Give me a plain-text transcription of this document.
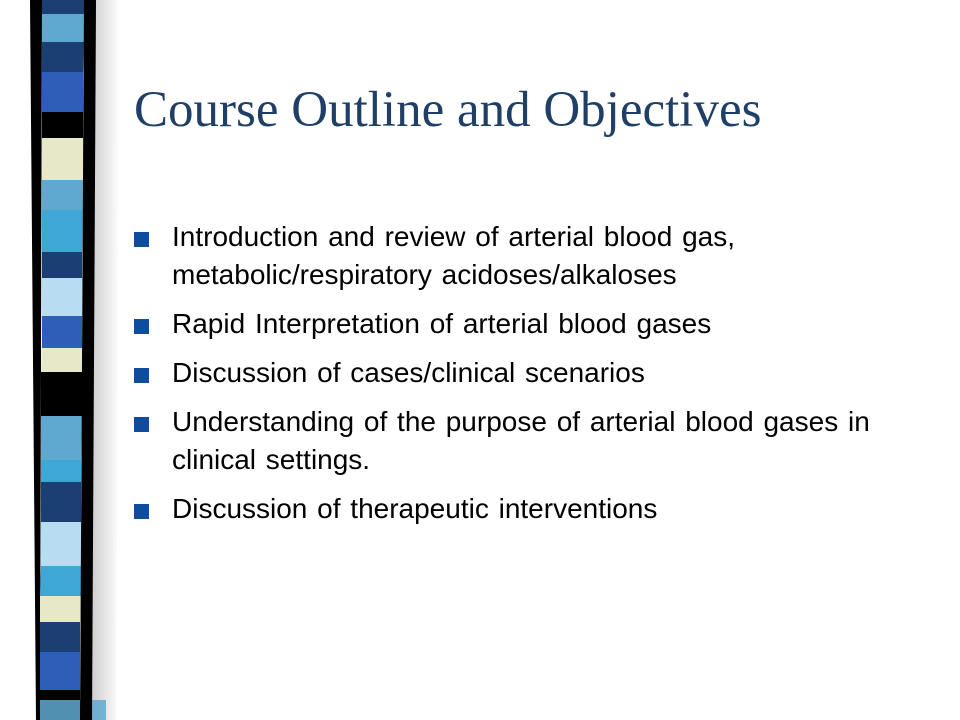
Course Outline and Objectives
Introduction and review of arterial blood gas, metabolic/respiratory acidoses/alkaloses
Rapid Interpretation of arterial blood gases
Discussion of cases/clinical scenarios
Understanding of the purpose of arterial blood gases in clinical settings.
Discussion of therapeutic interventions
